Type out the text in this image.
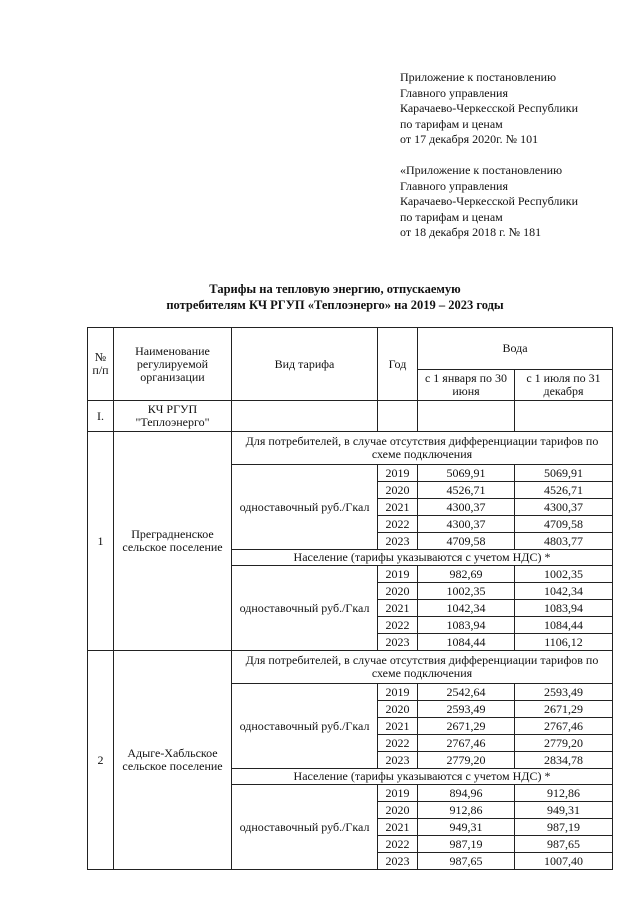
Приложение к постановлению
Главного управления
Карачаево-Черкесской Республики
по тарифам и ценам
от 17 декабря 2020г. № 101
«Приложение к постановлению
Главного управления
Карачаево-Черкесской Республики
по тарифам и ценам
от 18 декабря 2018 г. № 181
Тарифы на тепловую энергию, отпускаемую
потребителям КЧ РГУП «Теплоэнерго» на 2019 – 2023 годы
№ п/п	Наименование регулируемой организации	Вид тарифа	Год	Вода	
				с 1 января по 30 июня	с 1 июля по 31 декабря
I.	КЧ РГУП "Теплоэнерго"				
1	Преградненское сельское поселение	Для потребителей, в случае отсутствия дифференциации тарифов по схеме подключения			
		одноставочный руб./Гкал	2019	5069,91	5069,91
			2020	4526,71	4526,71
			2021	4300,37	4300,37
			2022	4300,37	4709,58
			2023	4709,58	4803,77
		Население (тарифы указываются с учетом НДС) *			
		одноставочный руб./Гкал	2019	982,69	1002,35
			2020	1002,35	1042,34
			2021	1042,34	1083,94
			2022	1083,94	1084,44
			2023	1084,44	1106,12
2	Адыге-Хабльское сельское поселение	Для потребителей, в случае отсутствия дифференциации тарифов по схеме подключения			
		одноставочный руб./Гкал	2019	2542,64	2593,49
			2020	2593,49	2671,29
			2021	2671,29	2767,46
			2022	2767,46	2779,20
			2023	2779,20	2834,78
		Население (тарифы указываются с учетом НДС) *			
		одноставочный руб./Гкал	2019	894,96	912,86
			2020	912,86	949,31
			2021	949,31	987,19
			2022	987,19	987,65
			2023	987,65	1007,40
